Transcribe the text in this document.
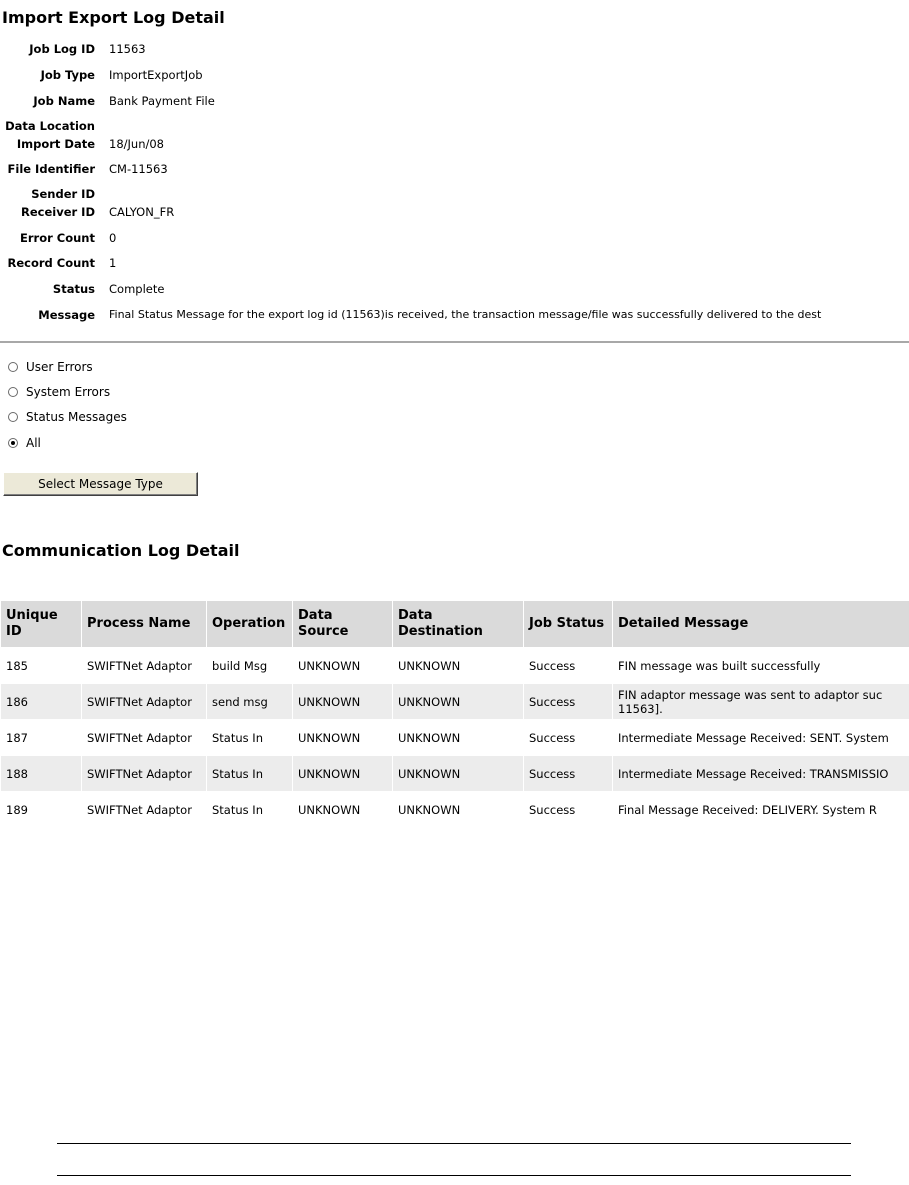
Import Export Log Detail
Job Log ID 11563
Job Type ImportExportJob
Job Name Bank Payment File
Data Location
Import Date 18/Jun/08
File Identifier CM-11563
Sender ID
Receiver ID CALYON_FR
Error Count 0
Record Count 1
Status Complete
Message Final Status Message for the export log id (11563)is received, the transaction message/file was successfully delivered to the dest
User Errors
System Errors
Status Messages
All
Select Message Type
Communication Log Detail
Unique ID	Process Name	Operation	Data Source	Data Destination	Job Status	Detailed Message
185	SWIFTNet Adaptor	build Msg	UNKNOWN	UNKNOWN	Success	FIN message was built successfully
186	SWIFTNet Adaptor	send msg	UNKNOWN	UNKNOWN	Success	FIN adaptor message was sent to adaptor suc 11563].
187	SWIFTNet Adaptor	Status In	UNKNOWN	UNKNOWN	Success	Intermediate Message Received: SENT. System
188	SWIFTNet Adaptor	Status In	UNKNOWN	UNKNOWN	Success	Intermediate Message Received: TRANSMISSIO
189	SWIFTNet Adaptor	Status In	UNKNOWN	UNKNOWN	Success	Final Message Received: DELIVERY. System R
